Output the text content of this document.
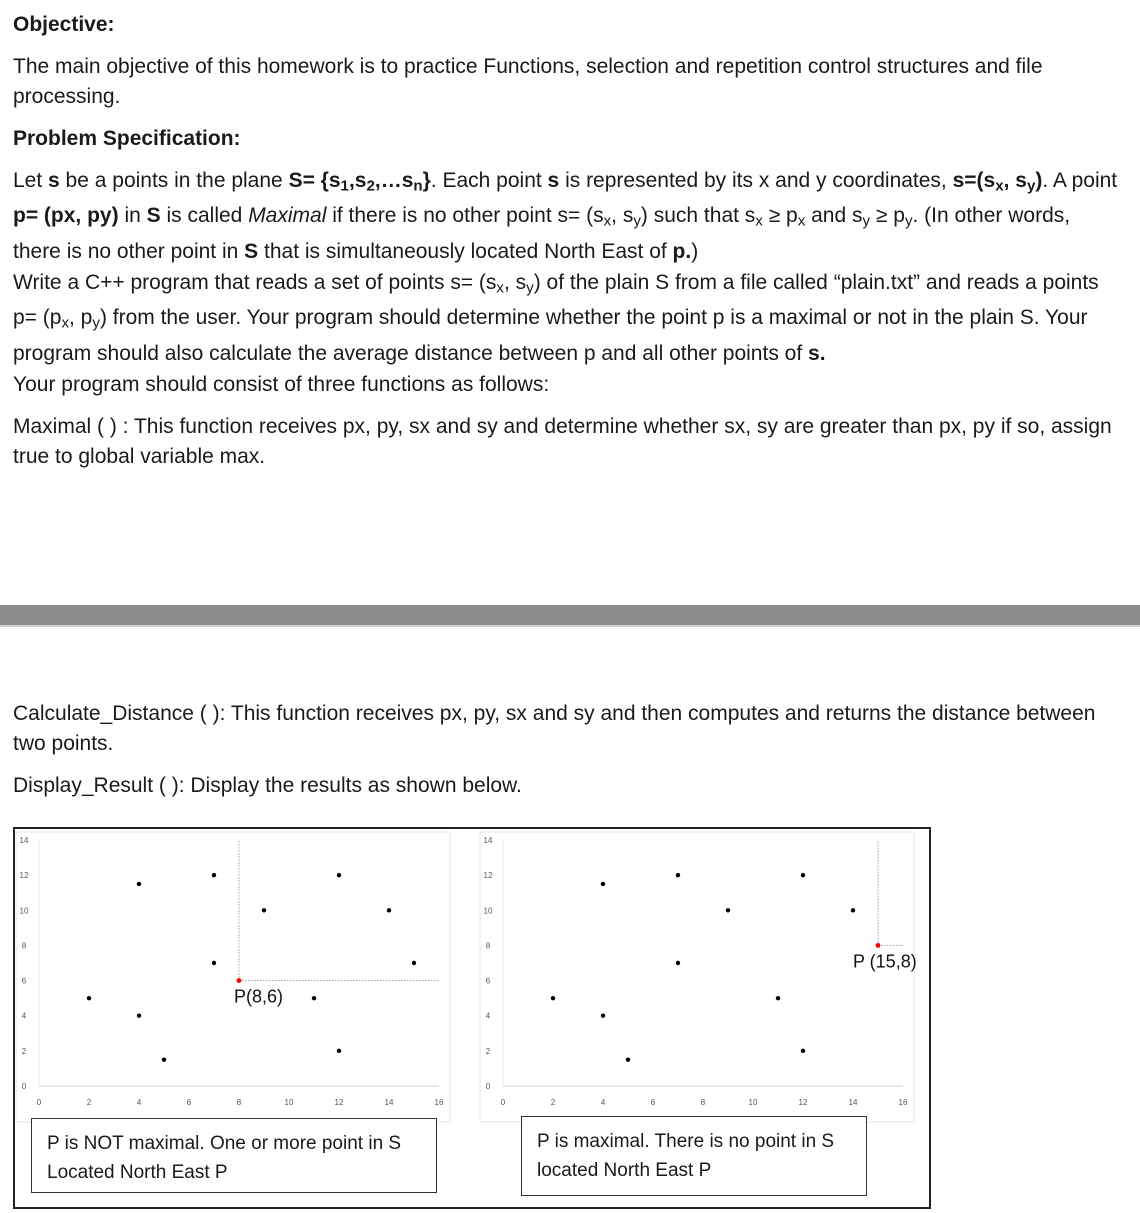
Objective:
The main objective of this homework is to practice Functions, selection and repetition control structures and file processing.
Problem Specification:
Let s be a points in the plane $S= \{s_1,s_2,\dots s_n\}$. Each point s is represented by its x and y coordinates, $s=(s_x$, $s_y$). A point p= (px, py) in S is called Maximal if there is no other point $s= (s_x$, $s_y$) such that $s_x \ge p_x$ and $s_y \ge p_y$. (In other words, there is no other point in S that is simultaneously located North East of p.)
Write a C++ program that reads a set of points $s= (s_x$, $s_y$) of the plain S from a file called “plain.txt” and reads a points $p= (p_x$, $p_y$) from the user. Your program should determine whether the point p is a maximal or not in the plain S. Your program should also calculate the average distance between p and all other points of s.
Your program should consist of three functions as follows:
Maximal ( ) : This function receives px, py, sx and sy and determine whether sx, sy are greater than px, py if so, assign true to global variable max.
Calculate_Distance ( ): This function receives px, py, sx and sy and then computes and returns the distance between two points.
Display_Result ( ): Display the results as shown below.
0
2
4
6
8
10
12
14
0	2	4	6	8	10	12	14	16
P(8,6)
0
2
4
6
8
10
12
14
0	2	4	6	8	10	12	14	16
P (15,8)
P is NOT maximal. One or more point in S
Located North East P
P is maximal. There is no point in S
located North East P
